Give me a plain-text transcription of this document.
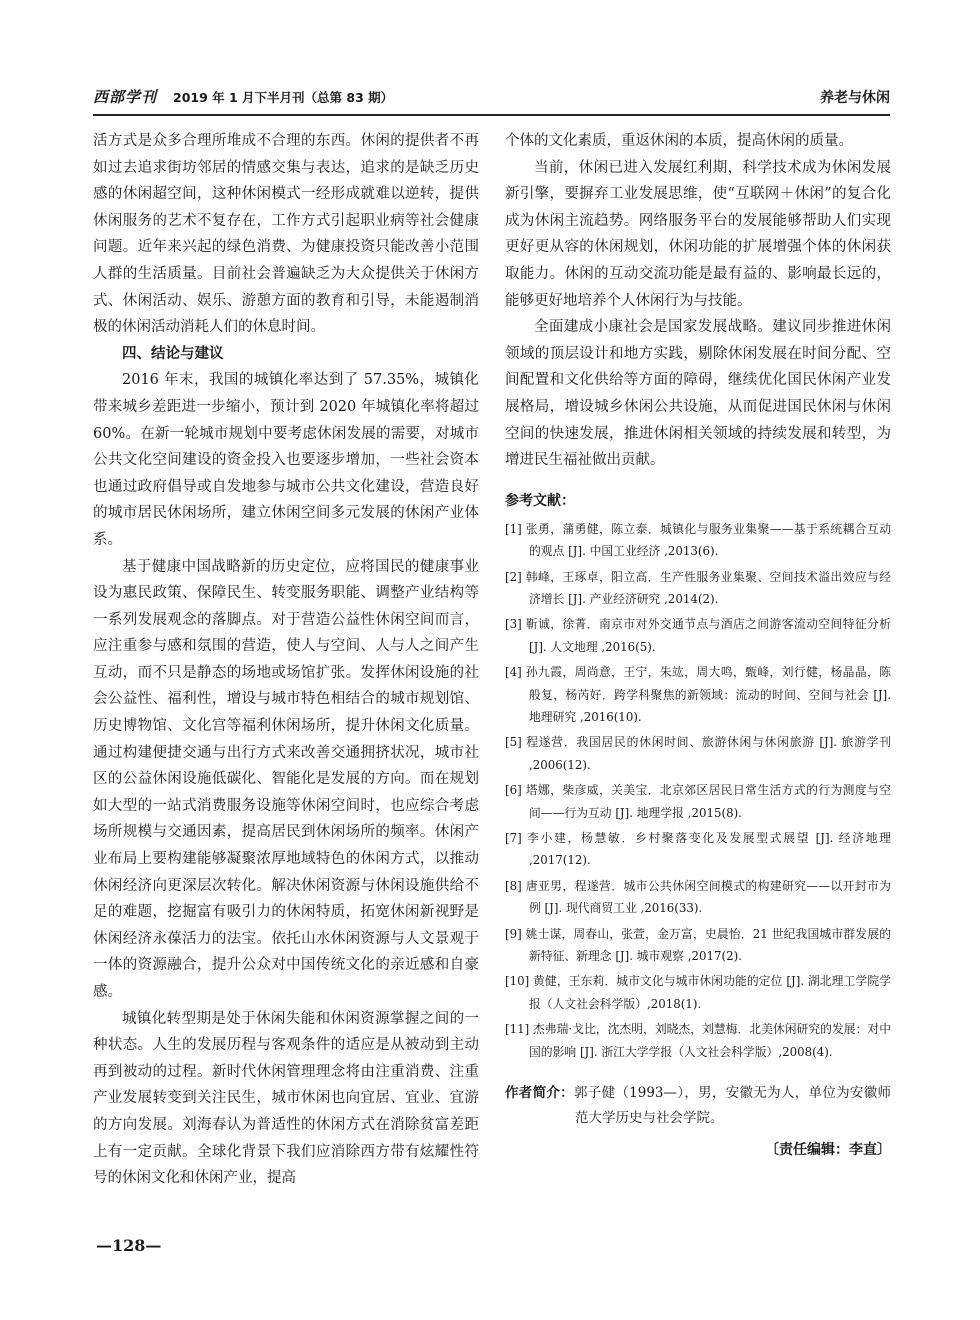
西部学刊 2019 年 1 月下半月刊（总第 83 期）	养老与休闲

活方式是众多合理所堆成不合理的东西。休闲的提供者不再如过去追求街坊邻居的情感交集与表达，追求的是缺乏历史感的休闲超空间，这种休闲模式一经形成就难以逆转，提供休闲服务的艺术不复存在，工作方式引起职业病等社会健康问题。近年来兴起的绿色消费、为健康投资只能改善小范围人群的生活质量。目前社会普遍缺乏为大众提供关于休闲方式、休闲活动、娱乐、游憩方面的教育和引导，未能遏制消极的休闲活动消耗人们的休息时间。

四、结论与建议

2016 年末，我国的城镇化率达到了 57.35%，城镇化带来城乡差距进一步缩小，预计到 2020 年城镇化率将超过 60%。在新一轮城市规划中要考虑休闲发展的需要，对城市公共文化空间建设的资金投入也要逐步增加，一些社会资本也通过政府倡导或自发地参与城市公共文化建设，营造良好的城市居民休闲场所，建立休闲空间多元发展的休闲产业体系。

基于健康中国战略新的历史定位，应将国民的健康事业设为惠民政策、保障民生、转变服务职能、调整产业结构等一系列发展观念的落脚点。对于营造公益性休闲空间而言，应注重参与感和氛围的营造，使人与空间、人与人之间产生互动，而不只是静态的场地或场馆扩张。发挥休闲设施的社会公益性、福利性，增设与城市特色相结合的城市规划馆、历史博物馆、文化宫等福利休闲场所，提升休闲文化质量。通过构建便捷交通与出行方式来改善交通拥挤状况，城市社区的公益休闲设施低碳化、智能化是发展的方向。而在规划如大型的一站式消费服务设施等休闲空间时，也应综合考虑场所规模与交通因素，提高居民到休闲场所的频率。休闲产业布局上要构建能够凝聚浓厚地域特色的休闲方式，以推动休闲经济向更深层次转化。解决休闲资源与休闲设施供给不足的难题，挖掘富有吸引力的休闲特质，拓宽休闲新视野是休闲经济永葆活力的法宝。依托山水休闲资源与人文景观于一体的资源融合，提升公众对中国传统文化的亲近感和自豪感。

城镇化转型期是处于休闲失能和休闲资源掌握之间的一种状态。人生的发展历程与客观条件的适应是从被动到主动再到被动的过程。新时代休闲管理理念将由注重消费、注重产业发展转变到关注民生，城市休闲也向宜居、宜业、宜游的方向发展。刘海春认为普适性的休闲方式在消除贫富差距上有一定贡献。全球化背景下我们应消除西方带有炫耀性符号的休闲文化和休闲产业，提高

个体的文化素质，重返休闲的本质，提高休闲的质量。

当前，休闲已进入发展红利期，科学技术成为休闲发展新引擎，要摒弃工业发展思维，使“互联网＋休闲”的复合化成为休闲主流趋势。网络服务平台的发展能够帮助人们实现更好更从容的休闲规划，休闲功能的扩展增强个体的休闲获取能力。休闲的互动交流功能是最有益的、影响最长远的，能够更好地培养个人休闲行为与技能。

全面建成小康社会是国家发展战略。建议同步推进休闲领域的顶层设计和地方实践，剔除休闲发展在时间分配、空间配置和文化供给等方面的障碍，继续优化国民休闲产业发展格局，增设城乡休闲公共设施，从而促进国民休闲与休闲空间的快速发展，推进休闲相关领域的持续发展和转型，为增进民生福祉做出贡献。

参考文献：
[1] 张勇，蒲勇健，陈立泰．城镇化与服务业集聚——基于系统耦合互动的观点 [J]. 中国工业经济 ,2013(6).
[2] 韩峰，王琢卓，阳立高．生产性服务业集聚、空间技术溢出效应与经济增长 [J]. 产业经济研究 ,2014(2).
[3] 靳诚，徐菁．南京市对外交通节点与酒店之间游客流动空间特征分析 [J]. 人文地理 ,2016(5).
[4] 孙九霞，周尚意，王宁，朱竑，周大鸣，甄峰，刘行健，杨晶晶，陈般复，杨芮好．跨学科聚焦的新领域：流动的时间、空间与社会 [J]. 地理研究 ,2016(10).
[5] 程遂营．我国居民的休闲时间、旅游休闲与休闲旅游 [J]. 旅游学刊 ,2006(12).
[6] 塔娜，柴彦威，关美宝．北京郊区居民日常生活方式的行为测度与空间——行为互动 [J]. 地理学报 ,2015(8).
[7] 李小建，杨慧敏．乡村聚落变化及发展型式展望 [J]. 经济地理 ,2017(12).
[8] 唐亚男，程遂营．城市公共休闲空间模式的构建研究——以开封市为例 [J]. 现代商贸工业 ,2016(33).
[9] 姚士谋，周春山，张萱，金万富，史晨怡．21 世纪我国城市群发展的新特征、新理念 [J]. 城市观察 ,2017(2).
[10] 黄健，王东莉．城市文化与城市休闲功能的定位 [J]. 湖北理工学院学报（人文社会科学版）,2018(1).
[11] 杰弗瑞·戈比，沈杰明，刘晓杰，刘慧梅．北美休闲研究的发展：对中国的影响 [J]. 浙江大学学报（人文社会科学版）,2008(4).
作者简介：郭子健（1993—），男，安徽无为人，单位为安徽师范大学历史与社会学院。
〔责任编辑：李直〕
—128—
